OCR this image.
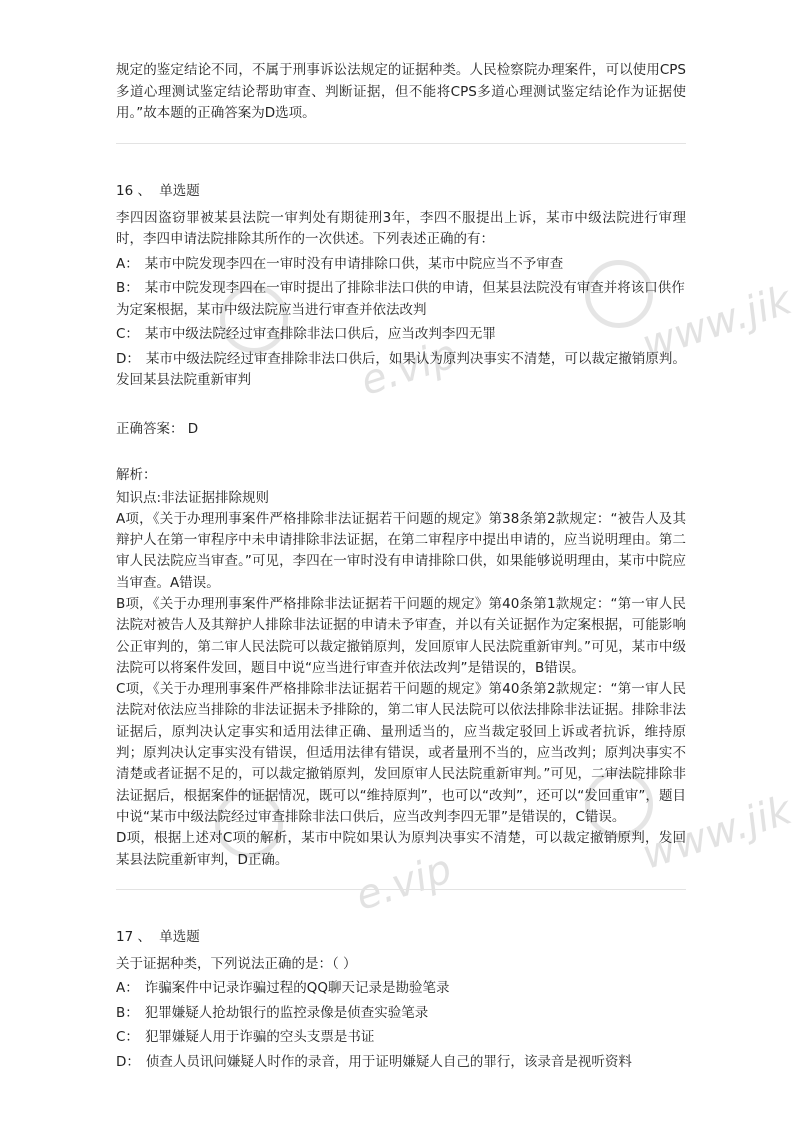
www.jik
e.vip
www.jik
e.vip

规定的鉴定结论不同，不属于刑事诉讼法规定的证据种类。人民检察院办理案件，可以使用CPS多道心理测试鉴定结论帮助审查、判断证据，但不能将CPS多道心理测试鉴定结论作为证据使用。”故本题的正确答案为D选项。

16 、 单选题

李四因盗窃罪被某县法院一审判处有期徒刑3年，李四不服提出上诉，某市中级法院进行审理时，李四申请法院排除其所作的一次供述。下列表述正确的有：

A： 某市中院发现李四在一审时没有申请排除口供，某市中院应当不予审查
B： 某市中院发现李四在一审时提出了排除非法口供的申请，但某县法院没有审查并将该口供作为定案根据，某市中级法院应当进行审查并依法改判
C： 某市中级法院经过审查排除非法口供后，应当改判李四无罪
D： 某市中级法院经过审查排除非法口供后，如果认为原判决事实不清楚，可以裁定撤销原判。发回某县法院重新审判

正确答案： D

解析：

知识点:非法证据排除规则

A项，《关于办理刑事案件严格排除非法证据若干问题的规定》第38条第2款规定：“被告人及其辩护人在第一审程序中未申请排除非法证据，在第二审程序中提出申请的，应当说明理由。第二审人民法院应当审查。”可见，李四在一审时没有申请排除口供，如果能够说明理由，某市中院应当审查。A错误。

B项，《关于办理刑事案件严格排除非法证据若干问题的规定》第40条第1款规定：“第一审人民法院对被告人及其辩护人排除非法证据的申请未予审查，并以有关证据作为定案根据，可能影响公正审判的，第二审人民法院可以裁定撤销原判，发回原审人民法院重新审判。”可见，某市中级法院可以将案件发回，题目中说“应当进行审查并依法改判”是错误的，B错误。

C项，《关于办理刑事案件严格排除非法证据若干问题的规定》第40条第2款规定：“第一审人民法院对依法应当排除的非法证据未予排除的，第二审人民法院可以依法排除非法证据。排除非法证据后，原判决认定事实和适用法律正确、量刑适当的，应当裁定驳回上诉或者抗诉，维持原判；原判决认定事实没有错误，但适用法律有错误，或者量刑不当的，应当改判；原判决事实不清楚或者证据不足的，可以裁定撤销原判，发回原审人民法院重新审判。”可见，二审法院排除非法证据后，根据案件的证据情况，既可以“维持原判”，也可以“改判”，还可以“发回重审”，题目中说“某市中级法院经过审查排除非法口供后，应当改判李四无罪”是错误的，C错误。

D项，根据上述对C项的解析，某市中院如果认为原判决事实不清楚，可以裁定撤销原判，发回某县法院重新审判，D正确。

17 、 单选题

关于证据种类，下列说法正确的是：（ ）

A： 诈骗案件中记录诈骗过程的QQ聊天记录是勘验笔录
B： 犯罪嫌疑人抢劫银行的监控录像是侦查实验笔录
C： 犯罪嫌疑人用于诈骗的空头支票是书证
D： 侦查人员讯问嫌疑人时作的录音，用于证明嫌疑人自己的罪行，该录音是视听资料
